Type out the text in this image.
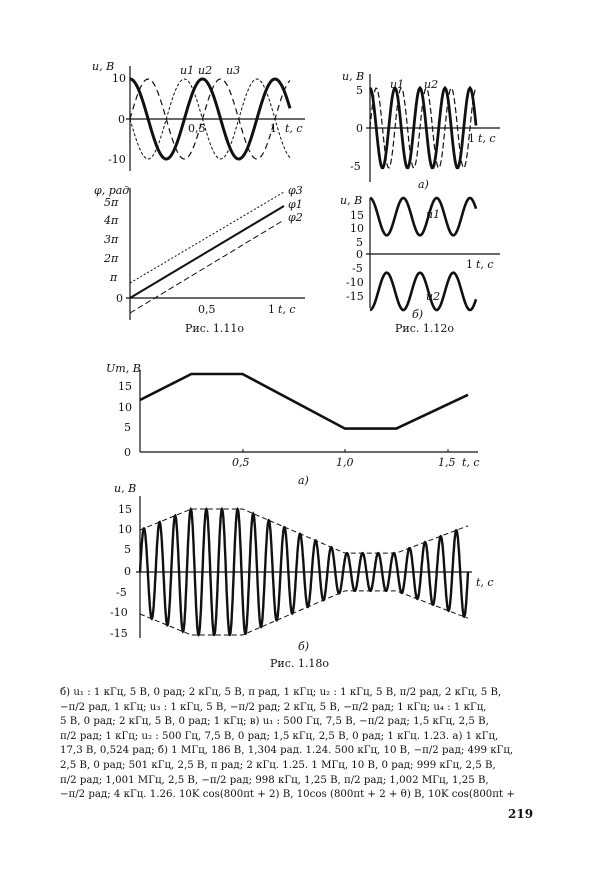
u, В
t, с
10
0
-10
0,5	1
u1 u2 u3
φ, рад
t, с
5π
4π
3π
2π
π
0
0,5	1
φ3
φ1
φ2
Рис. 1.11о
u, В
t, с
5
0
-5
1
u1 u2
а)
u, В
t, с
15
10
5
0
-5
-10
-15
1
u1
u2
б)
Рис. 1.12о
Um, В
t, с
15
10
5
0
0,5	1,0	1,5
а)
u, В
t, с
15
10
5
0
-5
-10
-15
б)
Рис. 1.18о

б) u₁ : 1 кГц, 5 В, 0 рад; 2 кГц, 5 В, π рад, 1 кГц; u₂ : 1 кГц, 5 В, π/2 рад, 2 кГц, 5 В,

−π/2 рад, 1 кГц; u₃ : 1 кГц, 5 В, −π/2 рад; 2 кГц, 5 В, −π/2 рад; 1 кГц; u₄ : 1 кГц,

5 В, 0 рад; 2 кГц, 5 В, 0 рад; 1 кГц; в) u₁ : 500 Гц, 7,5 В, −π/2 рад; 1,5 кГц, 2,5 В,

π/2 рад; 1 кГц; u₂ : 500 Гц, 7,5 В, 0 рад; 1,5 кГц, 2,5 В, 0 рад; 1 кГц. 1.23. а) 1 кГц,

17,3 В, 0,524 рад; б) 1 МГц, 186 В, 1,304 рад. 1.24. 500 кГц, 10 В, −π/2 рад; 499 кГц,

2,5 В, 0 рад; 501 кГц, 2,5 В, π рад; 2 кГц. 1.25. 1 МГц, 10 В, 0 рад; 999 кГц, 2,5 В,

π/2 рад; 1,001 МГц, 2,5 В, −π/2 рад; 998 кГц, 1,25 В, π/2 рад; 1,002 МГц, 1,25 В,

−π/2 рад; 4 кГц. 1.26. 10K cos(800πt + 2) В, 10cos (800πt + 2 + θ) В, 10K cos(800πt +

219
